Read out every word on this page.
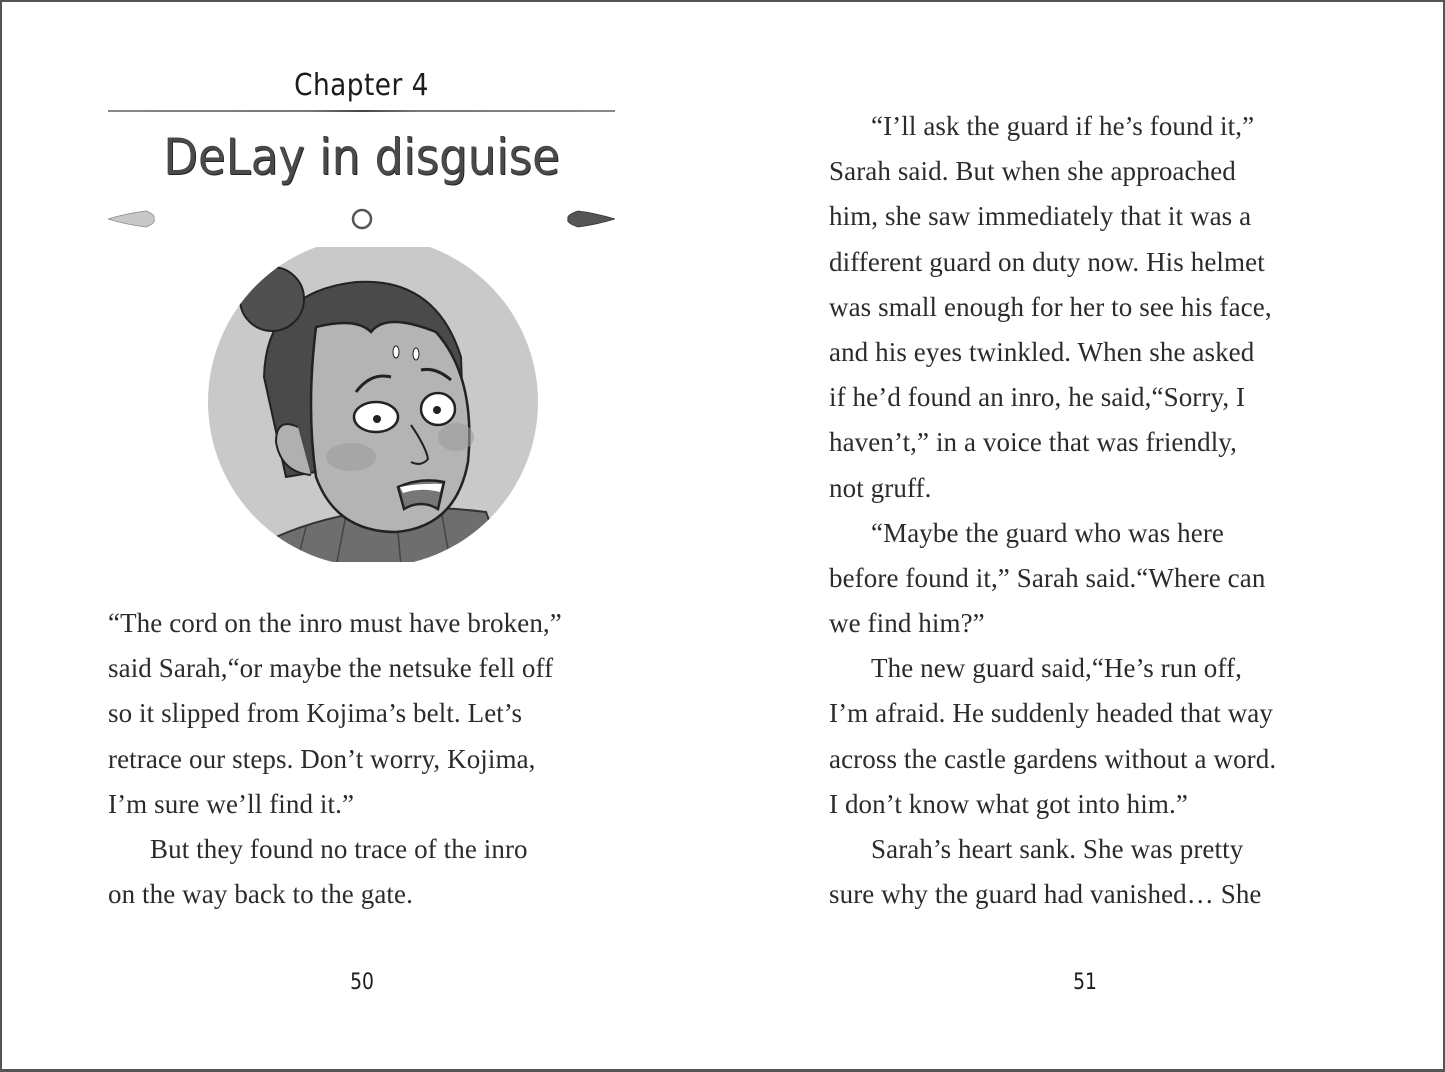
Chapter 4
DeLay in disguise
“The cord on the inro must have broken,”
said Sarah,“or maybe the netsuke fell off
so it slipped from Kojima’s belt. Let’s
retrace our steps. Don’t worry, Kojima,
I’m sure we’ll find it.”
But they found no trace of the inro
on the way back to the gate.
50
“I’ll ask the guard if he’s found it,”
Sarah said. But when she approached
him, she saw immediately that it was a
different guard on duty now. His helmet
was small enough for her to see his face,
and his eyes twinkled. When she asked
if he’d found an inro, he said,“Sorry, I
haven’t,” in a voice that was friendly,
not gruff.
“Maybe the guard who was here
before found it,” Sarah said.“Where can
we find him?”
The new guard said,“He’s run off,
I’m afraid. He suddenly headed that way
across the castle gardens without a word.
I don’t know what got into him.”
Sarah’s heart sank. She was pretty
sure why the guard had vanished… She
51
